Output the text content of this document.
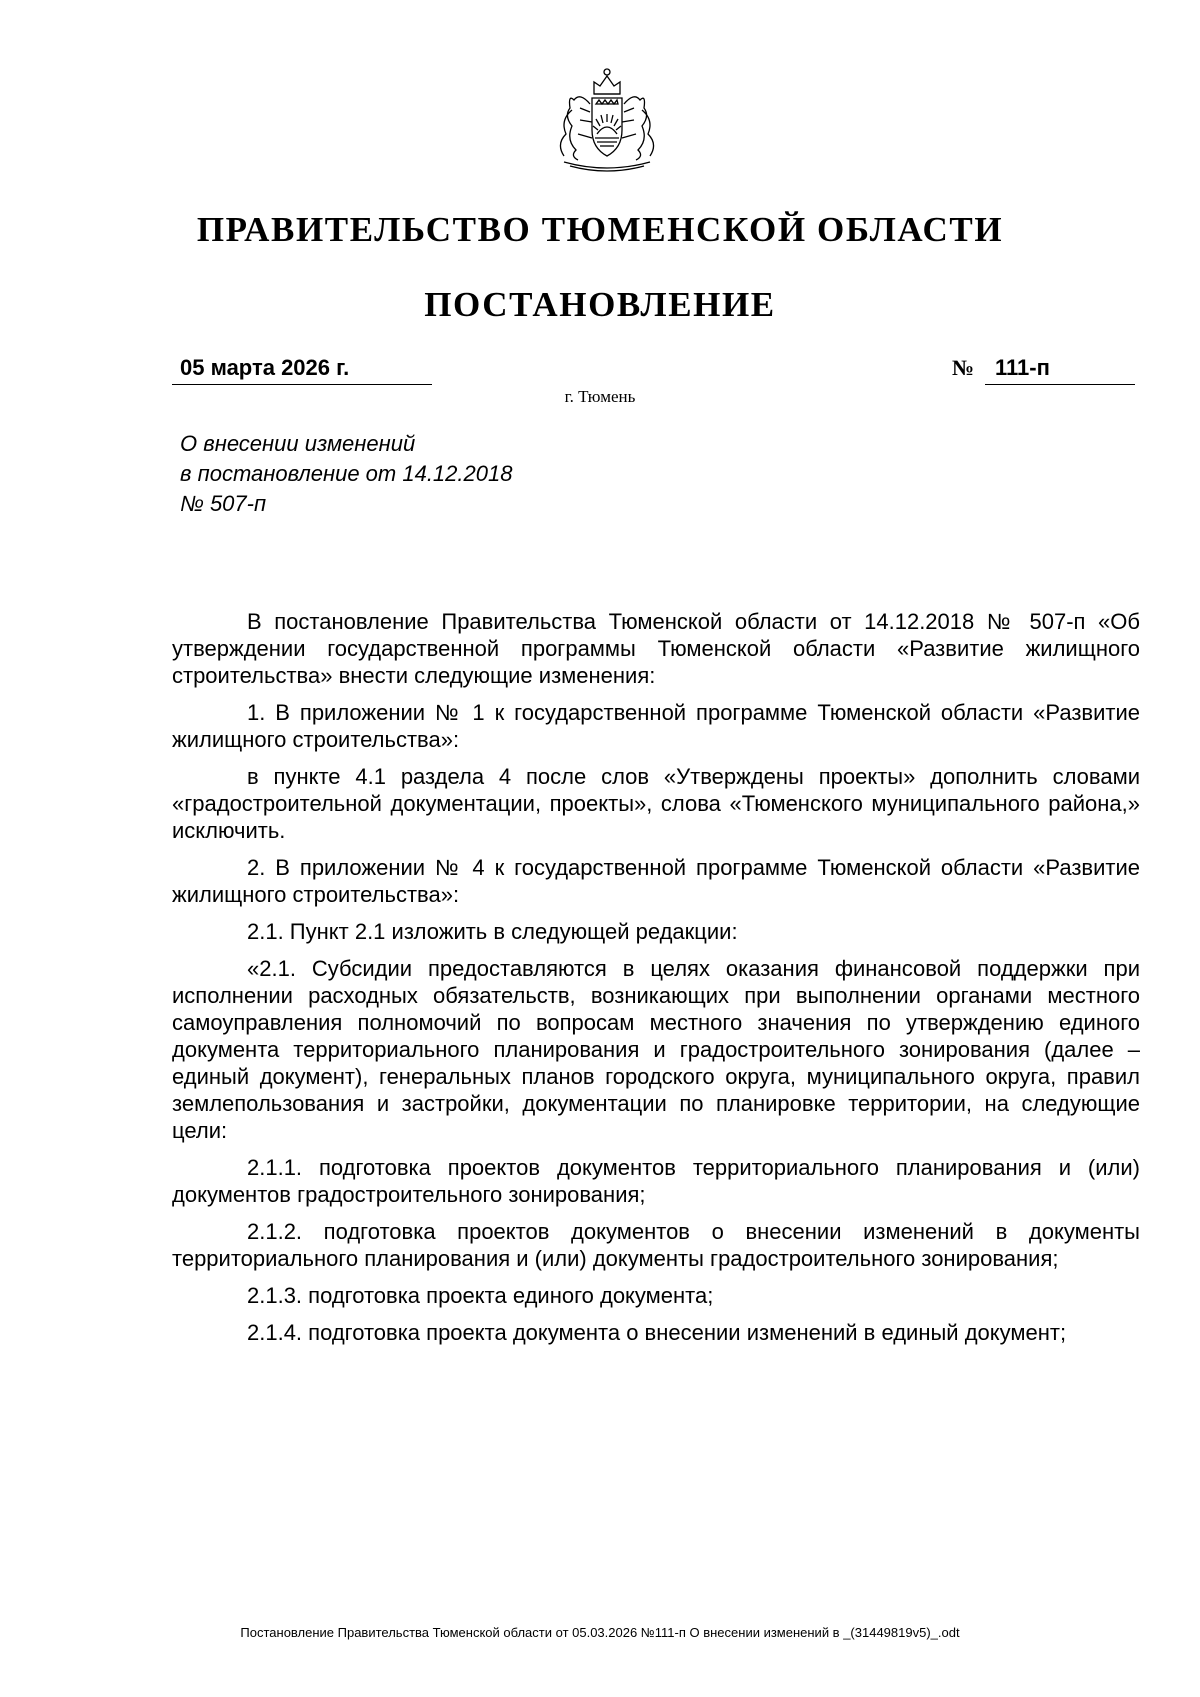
ПРАВИТЕЛЬСТВО ТЮМЕНСКОЙ ОБЛАСТИ
ПОСТАНОВЛЕНИЕ
05 марта 2026 г.	№ 111-п
г. Тюмень
О внесении изменений
в постановление от 14.12.2018
№ 507-п

В постановление Правительства Тюменской области от 14.12.2018 № 507-п «Об утверждении государственной программы Тюменской области «Развитие жилищного строительства» внести следующие изменения:

1. В приложении № 1 к государственной программе Тюменской области «Развитие жилищного строительства»:

в пункте 4.1 раздела 4 после слов «Утверждены проекты» дополнить словами «градостроительной документации, проекты», слова «Тюменского муниципального района,» исключить.

2. В приложении № 4 к государственной программе Тюменской области «Развитие жилищного строительства»:

2.1. Пункт 2.1 изложить в следующей редакции:

«2.1. Субсидии предоставляются в целях оказания финансовой поддержки при исполнении расходных обязательств, возникающих при выполнении органами местного самоуправления полномочий по вопросам местного значения по утверждению единого документа территориального планирования и градостроительного зонирования (далее – единый документ), генеральных планов городского округа, муниципального округа, правил землепользования и застройки, документации по планировке территории, на следующие цели:

2.1.1. подготовка проектов документов территориального планирования и (или) документов градостроительного зонирования;

2.1.2. подготовка проектов документов о внесении изменений в документы территориального планирования и (или) документы градостроительного зонирования;

2.1.3. подготовка проекта единого документа;

2.1.4. подготовка проекта документа о внесении изменений в единый документ;

Постановление Правительства Тюменской области от 05.03.2026 №111-п О внесении изменений в _(31449819v5)_.odt
